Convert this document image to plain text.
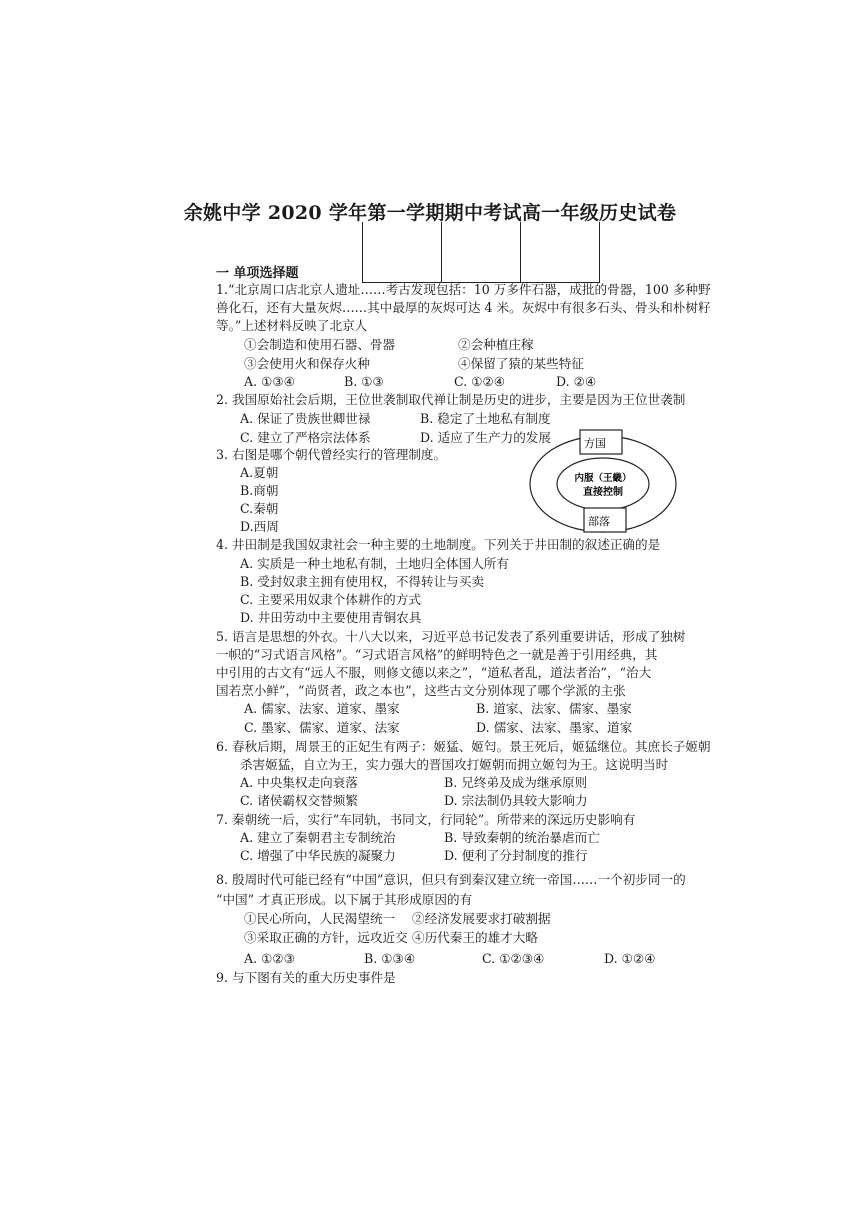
余姚中学 2020 学年第一学期期中考试高一年级历史试卷
一 单项选择题
1.“北京周口店北京人遗址……考古发现包括：10 万多件石器，成批的骨器，100 多种野
兽化石，还有大量灰烬……其中最厚的灰烬可达 4 米。灰烬中有很多石头、骨头和朴树籽
等。”上述材料反映了北京人
①会制造和使用石器、骨器	②会种植庄稼
③会使用火和保存火种	④保留了猿的某些特征
A. ①③④	B. ①③	C. ①②④	D. ②④
2. 我国原始社会后期，王位世袭制取代禅让制是历史的进步，主要是因为王位世袭制
A. 保证了贵族世卿世禄	B. 稳定了土地私有制度
C. 建立了严格宗法体系	D. 适应了生产力的发展
3. 右图是哪个朝代曾经实行的管理制度。
A.夏朝
B.商朝
C.秦朝
D.西周
4. 井田制是我国奴隶社会一种主要的土地制度。下列关于井田制的叙述正确的是
A. 实质是一种土地私有制，土地归全体国人所有
B. 受封奴隶主拥有使用权，不得转让与买卖
C. 主要采用奴隶个体耕作的方式
D. 井田劳动中主要使用青铜农具
5. 语言是思想的外衣。十八大以来，习近平总书记发表了系列重要讲话，形成了独树
一帜的“习式语言风格”。“习式语言风格”的鲜明特色之一就是善于引用经典，其
中引用的古文有“远人不服，则修文德以来之”，“道私者乱，道法者治”，“治大
国若烹小鲜”，“尚贤者，政之本也”，这些古文分别体现了哪个学派的主张
A. 儒家、法家、道家、墨家	B. 道家、法家、儒家、墨家
C. 墨家、儒家、道家、法家	D. 儒家、法家、墨家、道家
6. 春秋后期，周景王的正妃生有两子：姬猛、姬匄。景王死后，姬猛继位。其庶长子姬朝
杀害姬猛，自立为王，实力强大的晋国攻打姬朝而拥立姬匄为王。这说明当时
A. 中央集权走向衰落	B. 兄终弟及成为继承原则
C. 诸侯霸权交替频繁	D. 宗法制仍具较大影响力
7. 秦朝统一后，实行“车同轨，书同文，行同轮”。所带来的深远历史影响有
A. 建立了秦朝君主专制统治	B. 导致秦朝的统治暴虐而亡
C. 增强了中华民族的凝聚力	D. 便利了分封制度的推行
8. 殷周时代可能已经有“中国”意识，但只有到秦汉建立统一帝国……一个初步同一的
“中国” 才真正形成。以下属于其形成原因的有
①民心所向，人民渴望统一 ②经济发展要求打破割据
③采取正确的方针，远攻近交 ④历代秦王的雄才大略
A. ①②③	B. ①③④	C. ①②③④	D. ①②④
9. 与下图有关的重大历史事件是
方国
内服（王畿）
直接控制
部落
